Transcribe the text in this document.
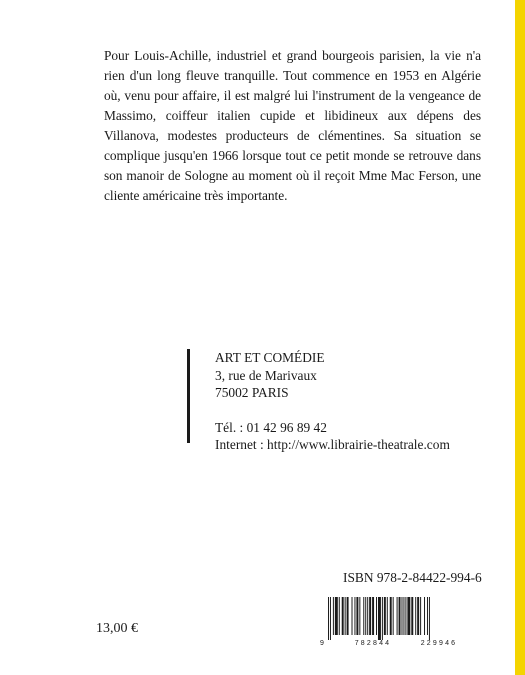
Pour Louis-Achille, industriel et grand bourgeois parisien, la vie n'a rien d'un long fleuve tranquille. Tout commence en 1953 en Algérie où, venu pour affaire, il est malgré lui l'instrument de la vengeance de Massimo, coiffeur italien cupide et libidineux aux dépens des Villanova, modestes producteurs de clémentines. Sa situation se complique jusqu'en 1966 lorsque tout ce petit monde se retrouve dans son manoir de Sologne au moment où il reçoit Mme Mac Ferson, une cliente américaine très importante.

ART ET COMÉDIE
3, rue de Marivaux
75002 PARIS
Tél. : 01 42 96 89 42
Internet : http://www.librairie-theatrale.com
ISBN 978-2-84422-994-6
9	782844	229946
13,00 €
